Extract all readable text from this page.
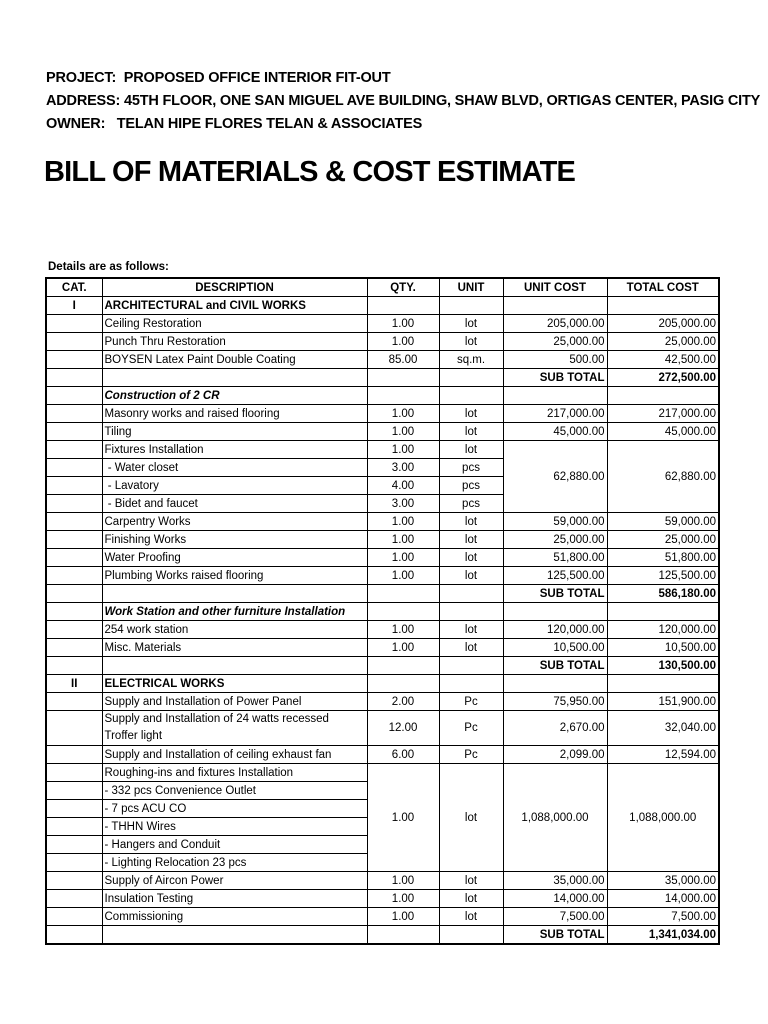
PROJECT: PROPOSED OFFICE INTERIOR FIT-OUT
ADDRESS: 45TH FLOOR, ONE SAN MIGUEL AVE BUILDING, SHAW BLVD, ORTIGAS CENTER, PASIG CITY
OWNER: TELAN HIPE FLORES TELAN & ASSOCIATES
BILL OF MATERIALS & COST ESTIMATE
Details are as follows:
CAT.	DESCRIPTION	QTY.	UNIT	UNIT COST	TOTAL COST
I	ARCHITECTURAL and CIVIL WORKS				
	Ceiling Restoration	1.00	lot	205,000.00	205,000.00
	Punch Thru Restoration	1.00	lot	25,000.00	25,000.00
	BOYSEN Latex Paint Double Coating	85.00	sq.m.	500.00	42,500.00
				SUB TOTAL	272,500.00
	Construction of 2 CR				
	Masonry works and raised flooring	1.00	lot	217,000.00	217,000.00
	Tiling	1.00	lot	45,000.00	45,000.00
	Fixtures Installation	1.00	lot	62,880.00	62,880.00
	- Water closet	3.00	pcs		
	- Lavatory	4.00	pcs		
	- Bidet and faucet	3.00	pcs		
	Carpentry Works	1.00	lot	59,000.00	59,000.00
	Finishing Works	1.00	lot	25,000.00	25,000.00
	Water Proofing	1.00	lot	51,800.00	51,800.00
	Plumbing Works raised flooring	1.00	lot	125,500.00	125,500.00
				SUB TOTAL	586,180.00
	Work Station and other furniture Installation				
	254 work station	1.00	lot	120,000.00	120,000.00
	Misc. Materials	1.00	lot	10,500.00	10,500.00
				SUB TOTAL	130,500.00
II	ELECTRICAL WORKS				
	Supply and Installation of Power Panel	2.00	Pc	75,950.00	151,900.00
	Supply and Installation of 24 watts recessed Troffer light	12.00	Pc	2,670.00	32,040.00
	Supply and Installation of ceiling exhaust fan	6.00	Pc	2,099.00	12,594.00
	Roughing-ins and fixtures Installation	1.00	lot	1,088,000.00	1,088,000.00
	- 332 pcs Convenience Outlet				
	- 7 pcs ACU CO				
	- THHN Wires				
	- Hangers and Conduit				
	- Lighting Relocation 23 pcs				
	Supply of Aircon Power	1.00	lot	35,000.00	35,000.00
	Insulation Testing	1.00	lot	14,000.00	14,000.00
	Commissioning	1.00	lot	7,500.00	7,500.00
				SUB TOTAL	1,341,034.00
